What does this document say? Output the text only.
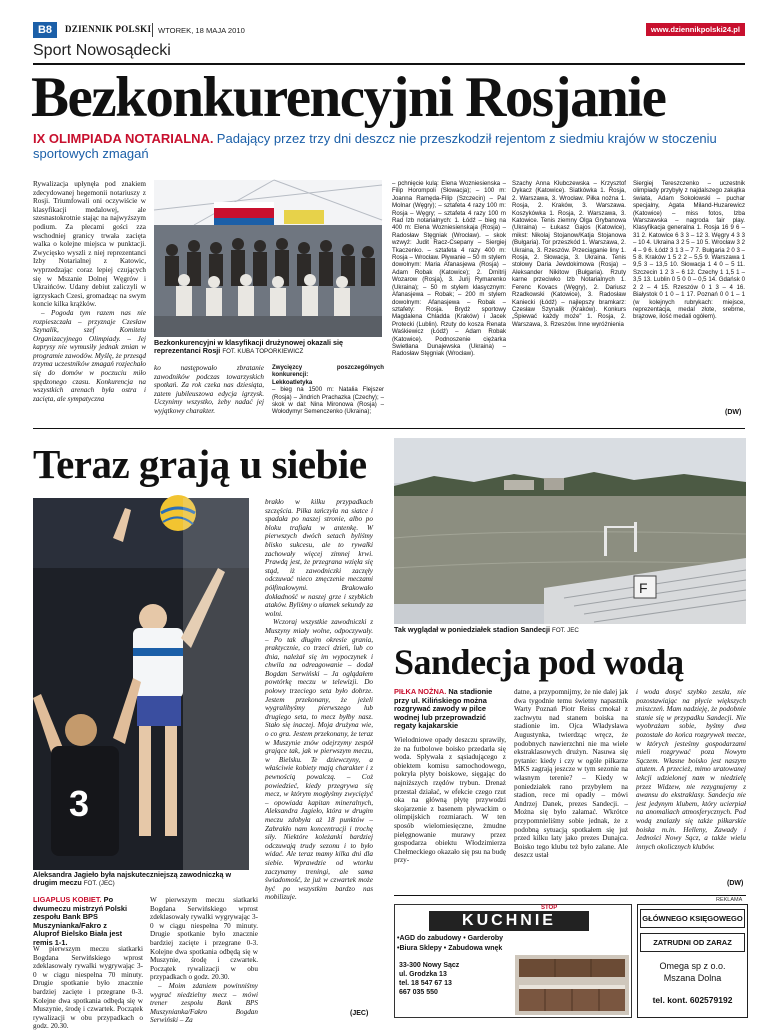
B8	DZIENNIK POLSKI WTOREK, 18 MAJA 2010	www.dziennikpolski24.pl
Sport Nowosądecki
Bezkonkurencyjni Rosjanie
IX OLIMPIADA NOTARIALNA. Padający przez trzy dni deszcz nie przeszkodził rejentom z siedmiu krajów w stoczeniu sportowych zmagań

Rywalizacja upłynęła pod znakiem zdecydowanej hegemonii notariuszy z Rosji. Triumfowali oni oczywiście w klasyfikacji medalowej, ale szesnastokrotnie stając na najwyższym podium. Za plecami gości zza wschodniej granicy trwała zacięta walka o kolejne miejsca w punktacji. Zwycięsko wyszli z niej reprezentanci Izby Notarialnej z Katowic, wyprzedzając coraz lepiej czujących się w Mszanie Dolnej Węgrów i Ukraińców. Udany debiut zaliczyli w igrzyskach Czesi, gromadząc na swym koncie kilka krążków.

– Pogoda tym razem nas nie rozpieszczała – przyznaje Czesław Szynalik, szef Komitetu Organizacyjnego Olimpiady. – Jej kaprysy nie wymusiły jednak zmian w programie zawodów. Myślę, że przesąd trzyma uczestników zmagań rozjechało się do domów w poczuciu miło spędzonego czasu. Konkurencja na wszystkich arenach była ostra i zacięta, ale sympatyczna

Bezkonkurencyjni w klasyfikacji drużynowej okazali się reprezentanci Rosji FOT. KUBA TOPORKIEWICZ

ko następowało zbratanie zawodników podczas towarzyskich spotkań. Za rok czeka nas dziesiąta, zatem jubileuszowa edycja igrzysk. Uczynimy wszystko, żeby nadać jej wyjątkowy charakter.

Zwycięzcy poszczególnych konkurencji:
Lekkoatletyka
– bieg na 1500 m: Natalia Flejszer (Rosja) – Jindrich Prachazka (Czechy); – skok w dal: Nina Mironowa (Rosja) – Wołodymyr Semenczenko (Ukraina);
– pchnięcie kulą: Elena Wozniesienska – Filip Horompoli (Słowacja); – 100 m: Joanna Ramęda-Filip (Szczecin) – Pal Molnar (Węgry); – sztafeta 4 razy 100 m: Rosja – Węgry; – sztafeta 4 razy 100 m Rad Izb notarialnych: 1. Łódź – bieg na 400 m: Elena Wozniesienskaja (Rosja) – Radosław Stęgniak (Wrocław). – skok wzwyż: Judit Racz-Csepany – Siergiej Tkaczenko. – sztafeta 4 razy 400 m: Rosja – Wrocław. Pływanie – 50 m stylem dowolnym: Maria Afanasjewa (Rosja) – Adam Robak (Katowice); 2. Dmitrij Wozarow (Rosja), 3. Jurij Rymarenko (Ukraina); – 50 m stylem klasycznym: Afanasjewa – Robak; – 200 m stylem dowolnym: Afanasjewa – Robak – sztafety: Rosja. Brydż sportowy Magdalena Chladda (Kraków) i Jacek Protecki (Lublin). Rzuty do kosza Renata Waśkiewicz (Łódź) – Adam Robak (Katowice). Podnoszenie ciężarka Swietłana Dunajewska (Ukraina) – Radosław Stęgniak (Wrocław).
Szachy Anna Kłubczewska – Krzysztof Dykacz (Katowice). Siatkówka 1. Rosja, 2. Warszawa, 3. Wrocław. Piłka nożna 1. Rosja, 2. Kraków, 3. Warszawa. Koszykówka 1. Rosja, 2. Warszawa, 3. Katowice. Tenis ziemny Olga Grybanowa (Ukraina) – Łukasz Gajos (Katowice), mikst: Nikolaj Stojanow/Katja Stojanowa (Bułgaria). Tor przeszkód 1. Warszawa, 2. Ukraina, 3. Rzeszów. Przeciąganie liny 1. Rosja, 2. Słowacja, 3. Ukraina. Tenis stołowy Daria Jewdokimowa (Rosja) – Aleksander Nikitow (Bułgaria). Rzuty karne przeciwko Izb Notarialnych 1. Ferenc Kovacs (Węgry), 2. Dariusz Rzadkowski (Katowice), 3. Radosław Kaniecki (Łódź) – najlepszy bramkarz: Czesław Szynalik (Kraków). Konkurs „Śpiewać każdy może” 1. Rosja, 2. Warszawa, 3. Rzeszów. Inne wyróżnienia
Siergiej Tereszczenko – uczestnik olimpiady przybyły z najdalszego zakątka świata, Adam Sokołowski – puchar specjalny, Agata Miland-Huzarewicz (Katowice) – miss fotos, Izba Warszawska – nagroda fair play. Klasyfikacja generalna 1. Rosja 16 9 6 – 31 2. Katowice 6 3 3 – 12 3. Węgry 4 3 3 – 10 4. Ukraina 3 2 5 – 10 5. Wrocław 3 2 4 – 9 6. Łódź 3 1 3 – 7 7. Bułgaria 2 0 3 – 5 8. Kraków 1 5 2 2 – 5,5 9. Warszawa 1 9,5 3 – 13,5 10. Słowacja 1 4 0 – 5 11. Szczecin 1 2 3 – 6 12. Czechy 1 1,5 1 – 3,5 13. Lublin 0 5 0 0 – 0,5 14. Gdańsk 0 2 2 – 4 15. Rzeszów 0 1 3 – 4 16. Białystok 0 1 0 – 1 17. Poznań 0 0 1 – 1 (w kolejnych rubrykach: miejsce, reprezentacja, medal złote, srebrne, brązowe, ilość medali ogółem).
(DW)
Teraz grają u siebie
3
Aleksandra Jagieło była najskuteczniejszą zawodniczką w drugim meczu FOT. (JEC)
LIGAPLUS KOBIET. Po dwumeczu mistrzyń Polski zespołu Bank BPS Muszynianka/Fakro z Aluprof Bielsko Biała jest remis 1-1.

W pierwszym meczu siatkarki Bogdana Serwińskiego wprost zdeklasowały rywalki wygrywając 3-0 w ciągu niespełna 70 minuty. Drugie spotkanie było znacznie bardziej zacięte i przegrane 0-3. Kolejne dwa spotkania odbędą się w Muszynie, środę i czwartek. Początek rywalizacji w obu przypadkach o godz. 20.30.

W pierwszym meczu siatkarki Bogdana Serwińskiego wprost zdeklasowały rywalki wygrywając 3-0 w ciągu niespełna 70 minuty. Drugie spotkanie było znacznie bardziej zacięte i przegrane 0-3. Kolejne dwa spotkania odbędą się w Muszynie, środę i czwartek. Początek rywalizacji w obu przypadkach o godz. 20.30.

– Moim zdaniem powinniśmy wygrać niedzielny mecz – mówi trener zespołu Bank BPS Muszynianka/Fakro Bogdan Serwiński – Za

brakło w kilku przypadkach szczęścia. Piłka tańczyła na siatce i spadała po naszej stronie, albo po bloku trafiała w antenkę. W pierwszych dwóch setach byliśmy blisko sukcesu, ale to rywalki zachowały więcej zimnej krwi. Prawdą jest, że przegrana wzięła się stąd, iż zawodniczki zaczęły odczuwać nieco zmęczenie meczami półfinałowymi. Brakowało dokładność w naszej grze i szybkich ataków. Byliśmy o ułamek sekundy za wolni.

Wczoraj wszystkie zawodniczki z Muszyny miały wolne, odpoczywały. – Po tak długim okresie grania, praktycznie, co trzeci dzień, lub co dnia, należał się im wypoczynek i chwila na odreagowanie – dodał Bogdan Serwiński – Ja oglądałem powtórkę meczu w telewizji. Do połowy trzeciego seta było dobrze. Jestem przekonany, że jeżeli wygralibyśmy pierwszego lub drugiego seta, to mecz byłby nasz. Stało się inaczej. Moja drużyna wie, o co gra. Jestem przekonany, że teraz w Muszynie znów odejrzymy zespół grające tak, jak w pierwszym meczu, w Bielsku. Te dziewczyny, a właściwie kobiety mają charakter i z pewnością powalczą. – Coż powiedzieć, kiedy przegrywa się mecz, w którym mogłyśmy zwyciężyć – opowiada kapitan mineralnych, Aleksandra Jagieło, która w drugim meczu zdobyła aż 18 punktów – Zabrakło nam koncentracji i trochę siły. Niektóre koleżanki bardziej odczuwają trudy sezonu i to było widać. Ale teraz mamy kilka dni dla siebie. Wprawdzie od wtorku zaczynamy treningi, ale sama świadomość, że już w czwartek może być po wszystkim bardzo nas mobilizuje.

(JEC)
F
Tak wyglądał w poniedziałek stadion Sandecji FOT. JEC
Sandecja pod wodą
PIŁKA NOŻNA. Na stadionie przy ul. Kilińskiego można rozgrywać zawody w pilce wodnej lub przeprowadzić regaty kajakarskie

Wielodniowe opady deszczu sprawiły, że na futbolowe boisko przedarła się woda. Spływała z sąsiadującego z obiektem komisu samochodowego, pokryła płyty boiskowe, sięgając do najniższych rzędów trybun. Drenaż przestał działać, w efekcie czego rzut oka na główną płytę przywodzi skojarzenie z basenem pływackim o olimpijskich rozmiarach. W ten sposób wielomiesięczne, żmudne pielęgnowanie murawy przez gospodarza obiektu Włodzimierza Chełmeckiego okazało się psu na budę przy-

datne, a przypomnijmy, że nie dalej jak dwa tygodnie temu świetny napastnik Warty Poznań Piotr Reiss cmokał z zachwytu nad stanem boiska na stadionie im. Ojca Władysława Augustynka, twierdząc wręcz, że podobnych nawierzchni nie ma wiele ekstraklasowych drużyn. Nasuwa się pytanie: kiedy i czy w ogóle piłkarze MKS zagrają jeszcze w tym sezonie na własnym terenie? – Kiedy w poniedziałek rano przybyłem na stadion, rece mi opadły – mówi Andrzej Danek, prezes Sandecji. – Można się było załamać. Wkrótce przypomnieliśmy sobie jednak, że z podobną sytuacją spotkałem się już przed kilku laty jako prezes Dunajca. Boisko tego klubu też było zalane. Ale deszcz ustał

i woda dosyć szybko zeszła, nie pozostawiając na płycie większych zniszczeń. Mam nadzieję, że podobnie stanie się w przypadku Sandecji. Nie wyobrażam sobie, byśmy dwa pozostałe do końca rozgrywek mecze, w których jesteśmy gospodarzami mieli rozgrywać poza Nowym Sączem. Własne boisko jest naszym atutem. A przecież, mimo uratowanej lekcji udzielonej nam w niedzielę przez Widzew, nie rezygnujemy z awansu do ekstraklasy. Sandecja nie jest jedynym klubem, który ucierpiał na anomaliach atmosferycznych. Pod wodą znalazły się także piłkarskie boiska m.in. Helleny, Zawady i Jedności Nowy Sącz, a także wielu innych okolicznych klubów.

(DW)
REKLAMA
STOP
KUCHNIE
•AGD do zabudowy • Garderoby
•Biura Sklepy • Zabudowa wnęk
33-300 Nowy Sącz
ul. Grodzka 13
tel. 18 547 67 13
667 035 550
GŁÓWNEGO KSIĘGOWEGO
ZATRUDNI OD ZARAZ
Omega sp z o.o.
Mszana Dolna
tel. kont. 602579192
